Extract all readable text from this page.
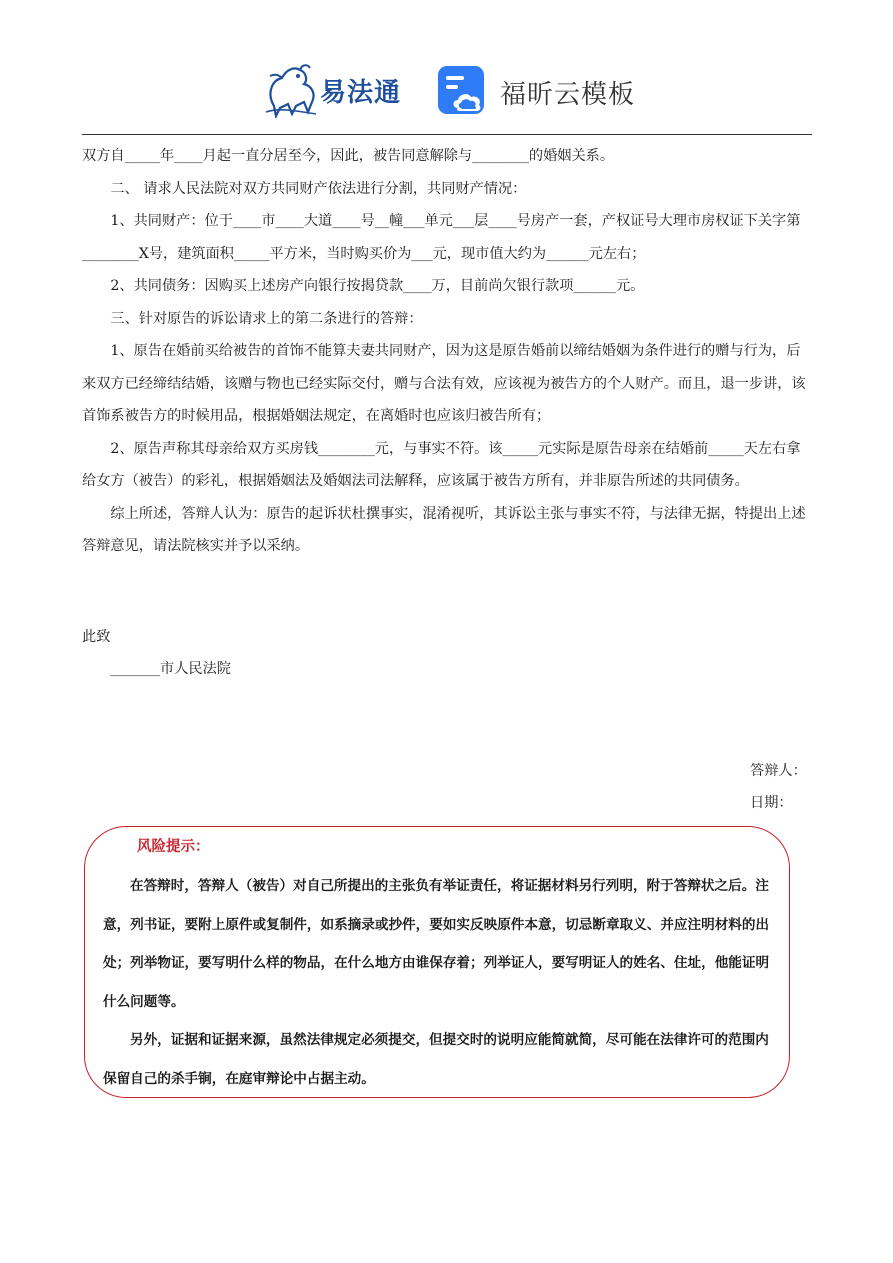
易法通	福昕云模板

双方自_____年____月起一直分居至今，因此，被告同意解除与________的婚姻关系。

二、 请求人民法院对双方共同财产依法进行分割，共同财产情况：

1、共同财产：位于____市____大道____号__幢___单元___层____号房产一套，产权证号大理市房权证下关字第________X号，建筑面积_____平方米，当时购买价为___元，现市值大约为______元左右；

2、共同债务：因购买上述房产向银行按揭贷款____万，目前尚欠银行款项______元。

三、针对原告的诉讼请求上的第二条进行的答辩：

1、原告在婚前买给被告的首饰不能算夫妻共同财产，因为这是原告婚前以缔结婚姻为条件进行的赠与行为，后来双方已经缔结结婚，该赠与物也已经实际交付，赠与合法有效，应该视为被告方的个人财产。而且，退一步讲，该首饰系被告方的时候用品，根据婚姻法规定，在离婚时也应该归被告所有；

2、原告声称其母亲给双方买房钱________元，与事实不符。该_____元实际是原告母亲在结婚前_____天左右拿给女方（被告）的彩礼，根据婚姻法及婚姻法司法解释，应该属于被告方所有，并非原告所述的共同债务。

综上所述，答辩人认为：原告的起诉状杜撰事实，混淆视听，其诉讼主张与事实不符，与法律无据，特提出上述答辩意见，请法院核实并予以采纳。

此致

_______市人民法院

答辩人：
日期：
风险提示：

在答辩时，答辩人（被告）对自己所提出的主张负有举证责任，将证据材料另行列明，附于答辩状之后。注意，列书证，要附上原件或复制件，如系摘录或抄件，要如实反映原件本意，切忌断章取义、并应注明材料的出处；列举物证，要写明什么样的物品，在什么地方由谁保存着；列举证人，要写明证人的姓名、住址，他能证明什么问题等。

另外，证据和证据来源，虽然法律规定必须提交，但提交时的说明应能简就简，尽可能在法律许可的范围内保留自己的杀手锏，在庭审辩论中占据主动。
